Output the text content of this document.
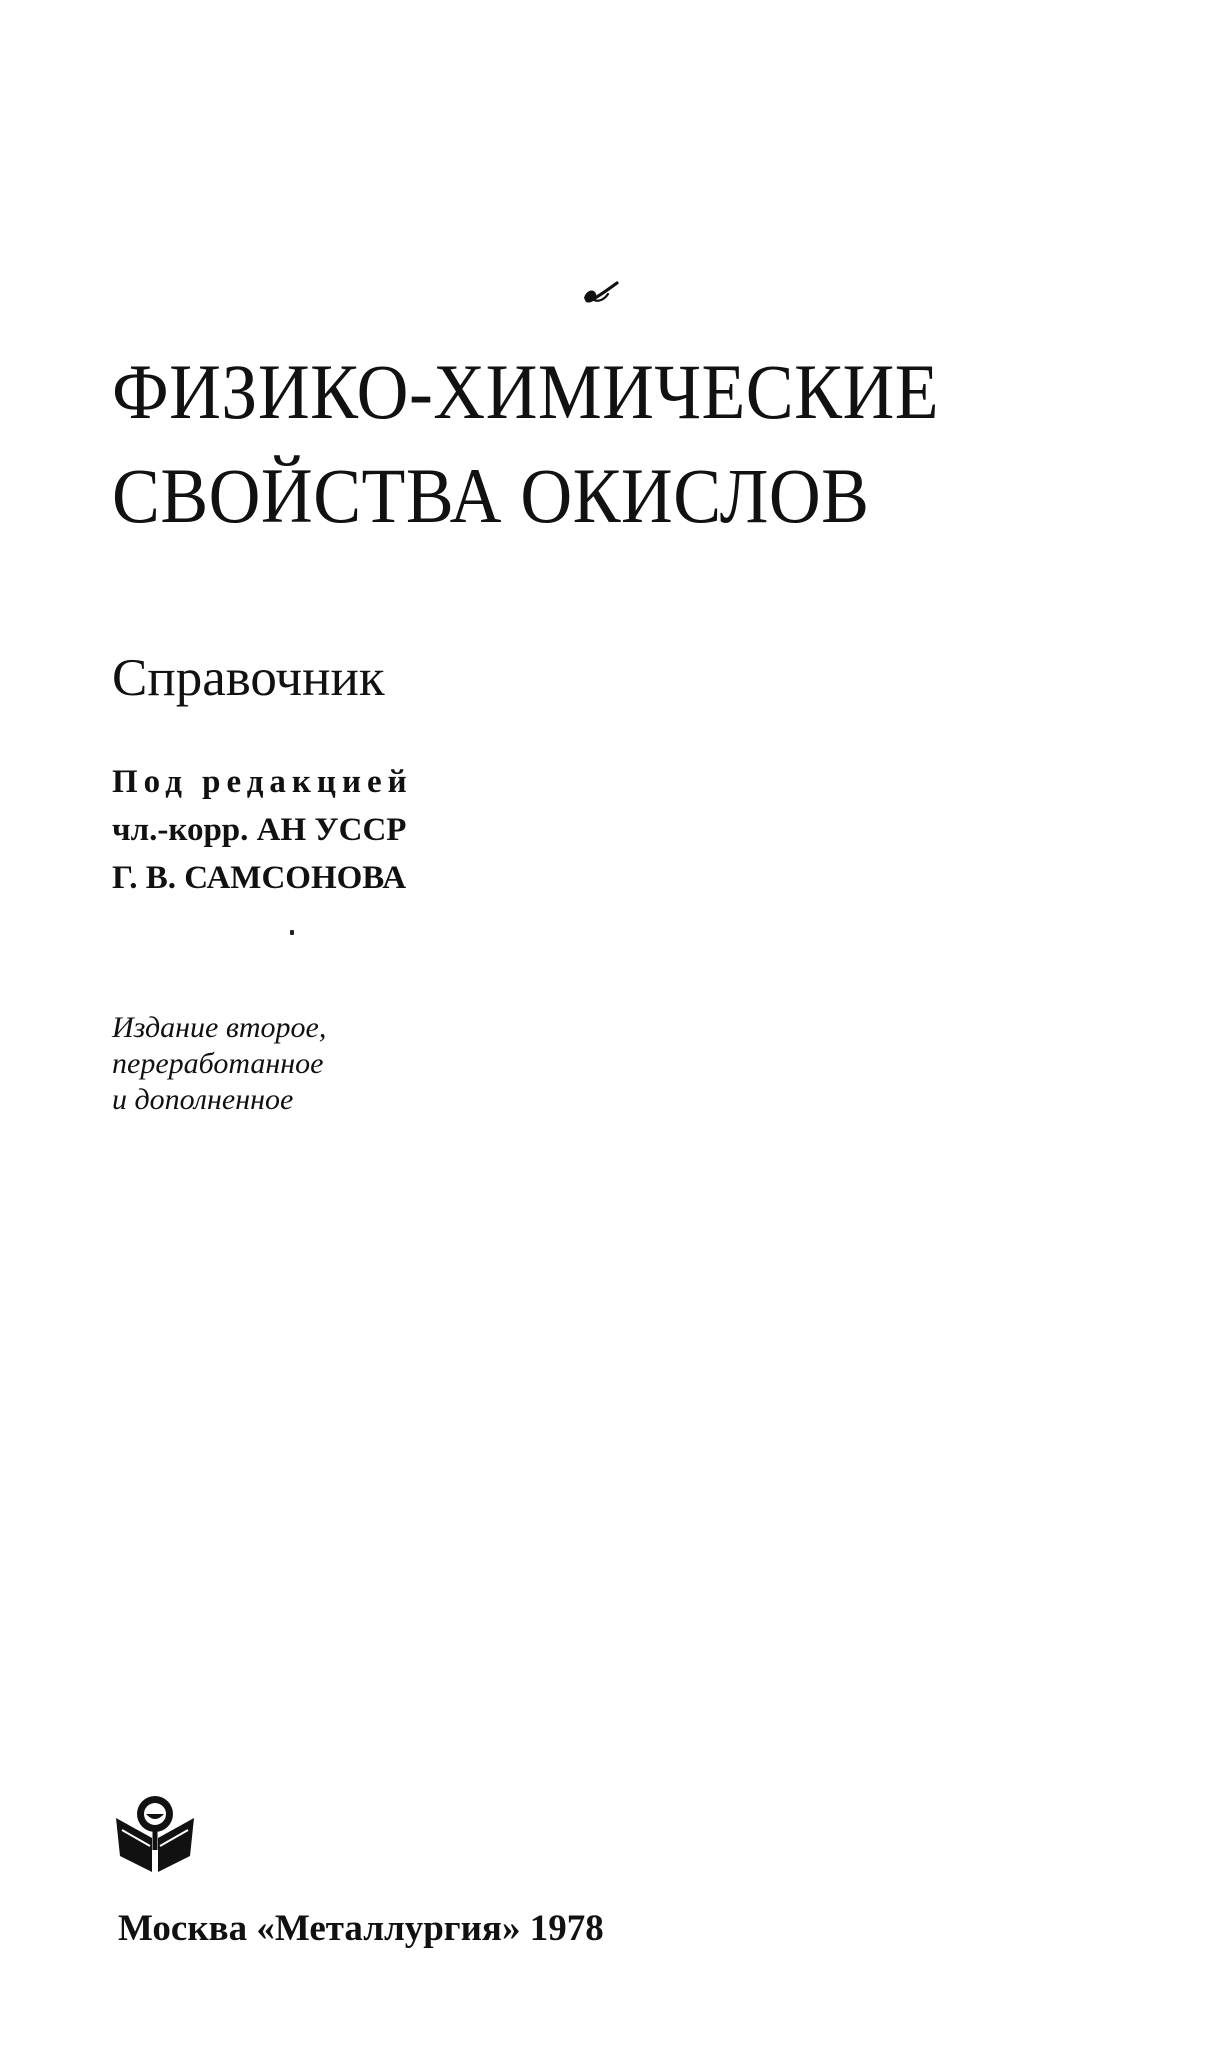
ФИЗИКО-ХИМИЧЕСКИЕ
СВОЙСТВА ОКИСЛОВ
Справочник
Под редакцией
чл.-корр. АН УССР
Г. В. САМСОНОВА
Издание второе,
переработанное
и дополненное
Москва «Металлургия» 1978
